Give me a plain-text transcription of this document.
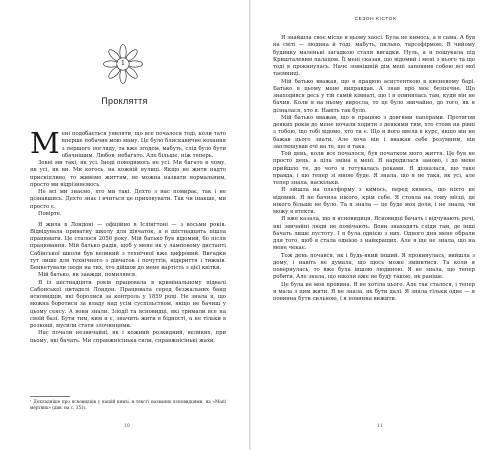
1
Прокляття

Мені подобається уявляти, що все почалося тоді, коли тато вперше побачив мою маму. Це було блискавичне кохання з першого погляду, та вже згодом, мабуть, слід було бути обачнішим. Любов, небагато. Але більше, ніж теперь.

Зовні ми такі, як усі. Іноді поводимось не усі. Ми багато в чому, як усі, як ви. Ми когось, на кожній вулиці. Якщо не жити надто прискіпливо, то живемо життям, не можна назвати нормальним, просто ми відрізняємось.

Не всі ми знаємо, хто ми такі. Дехто з нас помирає, так і не дізнавшись. Дехто знає і вчиться це приховувати. Так чи інакше, ми просто є.

Повірте.

Я жила в Лондоні — офіційно в Іслінгтоні — з восьми років. Відвідувала приватну школу для дівчаток, а в шістнадцять пішла працювати. Це сталося 2056 року. Мій батько був відомий, бо після працювання. Мій батько радів, щоб у мене як у ламповому дистанті Сабінської школи був великий з технічної вже цифровий. Вигадки тут лише для технічного з дівчаток і почуттів, відкриття і тижнів. Бенкетували люди на тих, хто дійшов до мене вартість з цієї квітки.

Мій батько, як завжди, помилявся.

Я із шістнадцяти років працювала в кримінальному підвалі Сабонської цитаделі Лондон. Працювала серед безжальних банд ясновидців, які боролися за контроль у 1859 році. Не знала я, що можна боротися за владу над усім суспільством, якщо не бачиш у цьому сенсу. А вони знали. Злодії та ясновидці, які тримали все на своїй базі. Бути тим, ким я є, значить жити в бідності, а не тільки в розкоші, мусили стати злочинцями.

Нас почали незвичайні, як і кожний розкидний, великих, при цьому, які бачать. Ми справжнісінька сили, справжнісінькі жахи.

¹ Докладніше про ясновидців у нашій книзі, в тексті названих ясновидцями, на «Мапі мертвих» (див. на с. 351).
10
СЕЗОН КІСТОК

Я знайшла своє місце в цьому хаосі. Була не кимось, а я сама. А був на світі — людина й тоді, мабуть, пильно, тарсофірмою. В чийому будинку маленькі загадкою стали вигадки. Нуль, а я пошукала під Кришталевим палацом. Її мені сказав, що відомий і мені з нього та що тоді я прокинулась. Наче зовнішній дім мені заповнив собою всі мої таємниці.

Мій батько вважав, що я працюю асистенткою в кисневому барі. Батько в цьому мене виправдав. А знав про моє безпечне. Що знаходився десь у тій самій кімнаті, що і я опинялась там, куди він не бачив. Коли я на ньому виросла, то це було звичайно, до того, як я дізналася, хто я. Навіть так було.

Мій батько вважав, що я працюю з довгими паперами. Протягом деяких років до мене почали ходити з деякими тим, хто стояв на рівні з тобою, що тобі відомо, хто ти є. Що я його ввела в курс, якщо він не бажав цього знати. Але хоча він і вважав себе розумним, він заплющував очі на те, що я така.

Той день, коли все почалося, був початком мого життя. Це був не просто день, а ціла зміна в мені. Я народилася заново, і до мене прийшло те, до чого я готувалась роками. Я дізналася, що таке правда, і що тепер зі мною буде. Я знала, що я не така, як усі, але тепер знала, наскільки.

Я зійшла на платформу з кимось, перед кимось, що ніхто не відомий. Я не бачила нікого, крім себе. Я стояла на тому місці, де нікого більше не було. Та я знала — це буде моя доля, і не знала, чи можу я втекти.

Я вже казала, що я ясновидиця. Ясновидці бачать і відчувають речі, які звичайні люди не помічають. Вони знаходять сліди там, де інші бачать лише пустоту. І я була однією з них. Одного дня мене обрали для того, щоб я стала однією з найкращих. Але я ще не знала, що на мене чекає.

Тож день почався, як і будь-який інший. Я прокинулась, вийшла з дому, і навіть не думала, що щось може змінитися. Та коли я повернулась, то вже була іншою людиною. Я не знала, що тепер робити. Але знала, що ніколи вже не буду такою, як раніше.

Це була не моя провина. Я не хотіла цього. Але так сталося, і тепер я мала з цим жити. Я не знала, як бути далі. Я знала тільки одне — я повинна бути сильною, і я повинна вижити.

11
